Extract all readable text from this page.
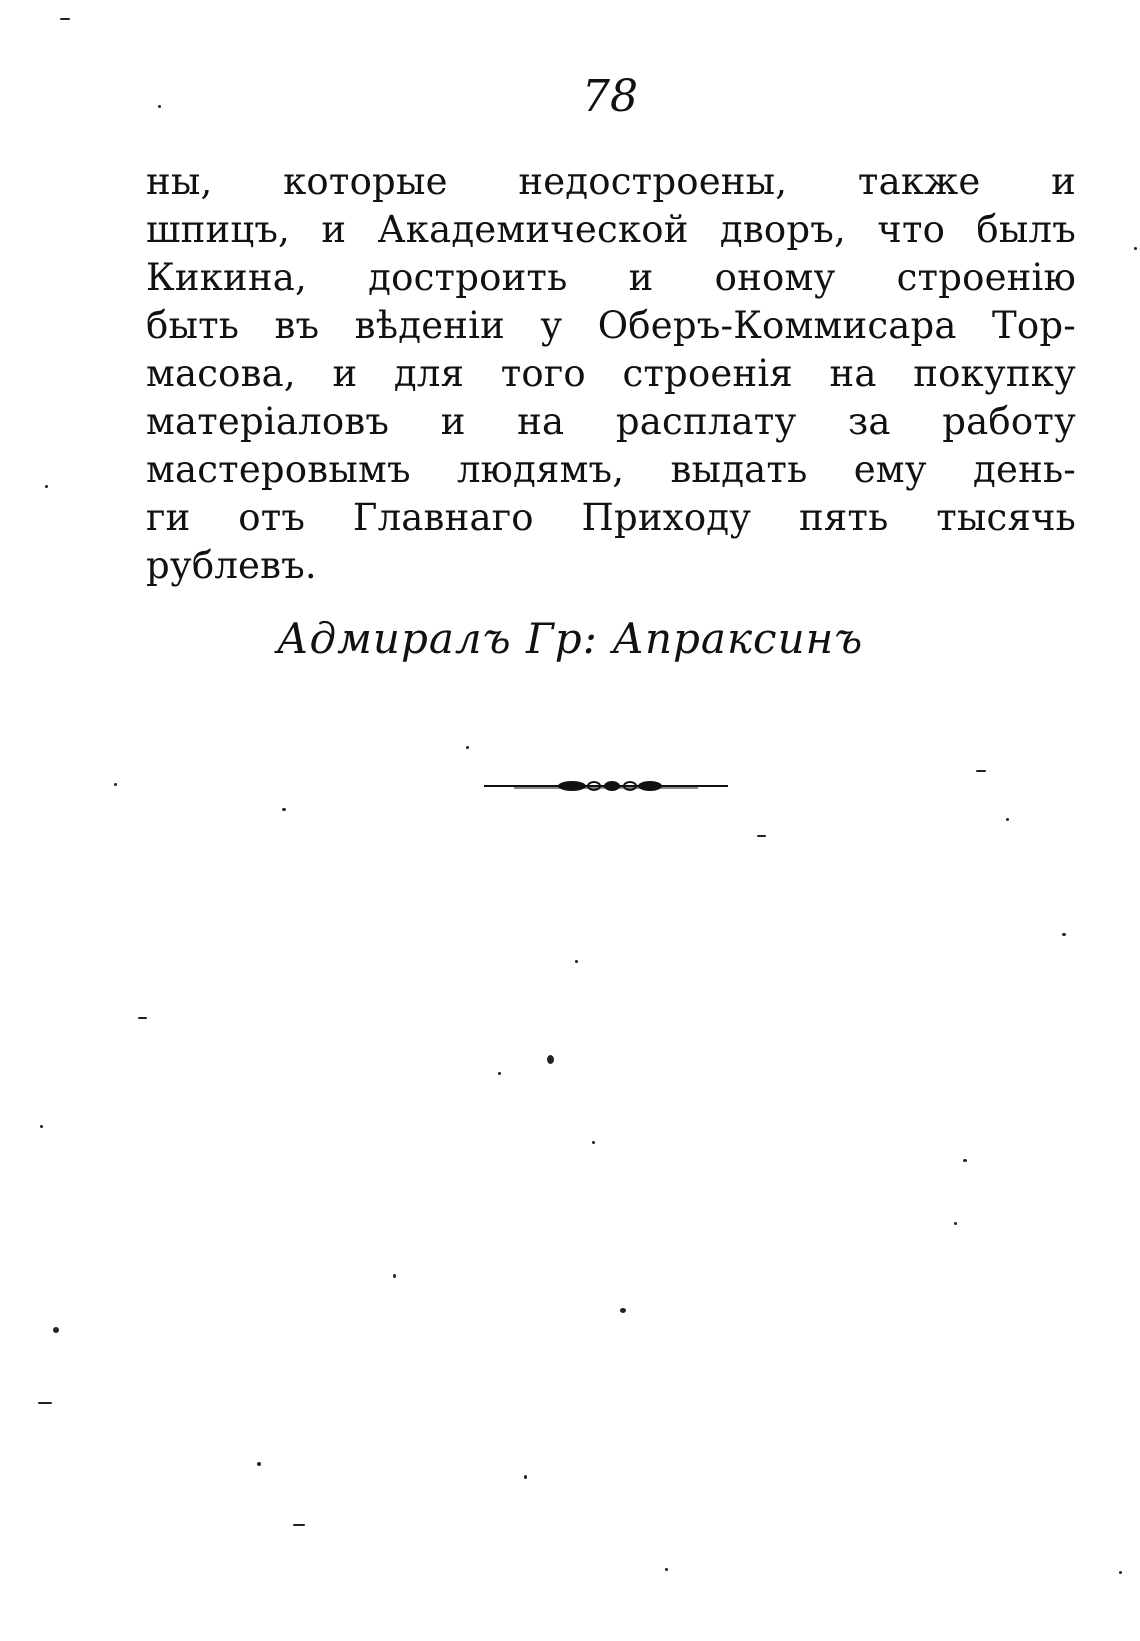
78
ны, которые недостроены, также и
шпицъ, и Академической дворъ, что былъ
Кикина, достроить и оному строенiю
быть въ вѣденiи у Оберъ-Коммисара Тор-
масова, и для того строенiя на покупку
матерiаловъ и на расплату за работу
мастеровымъ людямъ, выдать ему день-
ги отъ Главнаго Приходу пять тысячь
рублевъ.
Адмиралъ Гр: Апраксинъ
